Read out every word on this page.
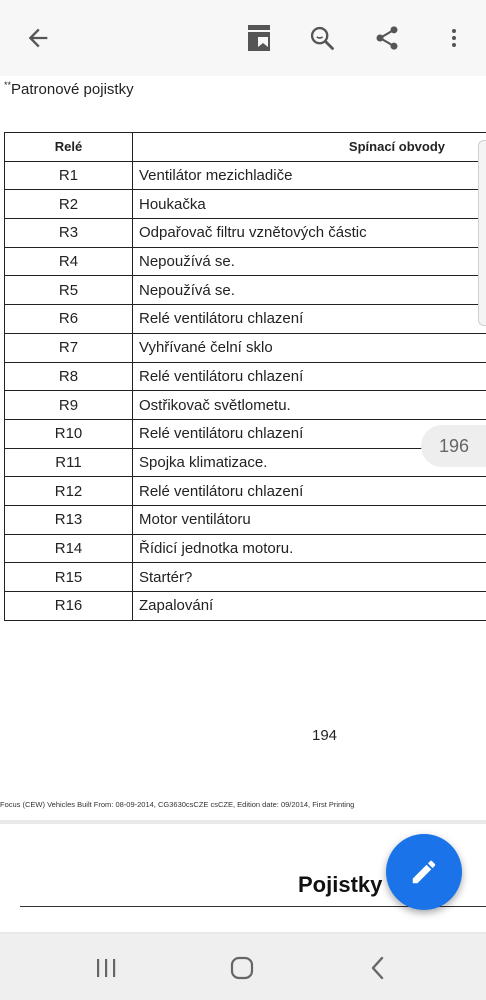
**Patronové pojistky
Relé	Spínací obvody
R1	Ventilátor mezichladiče
R2	Houkačka
R3	Odpařovač filtru vznětových částic
R4	Nepoužívá se.
R5	Nepoužívá se.
R6	Relé ventilátoru chlazení
R7	Vyhřívané čelní sklo
R8	Relé ventilátoru chlazení
R9	Ostřikovač světlometu.
R10	Relé ventilátoru chlazení
R11	Spojka klimatizace.
R12	Relé ventilátoru chlazení
R13	Motor ventilátoru
R14	Řídicí jednotka motoru.
R15	Startér?
R16	Zapalování
194
Focus (CEW) Vehicles Built From: 08-09-2014, CG3630csCZE csCZE, Edition date: 09/2014, First Printing
196
Pojistky
